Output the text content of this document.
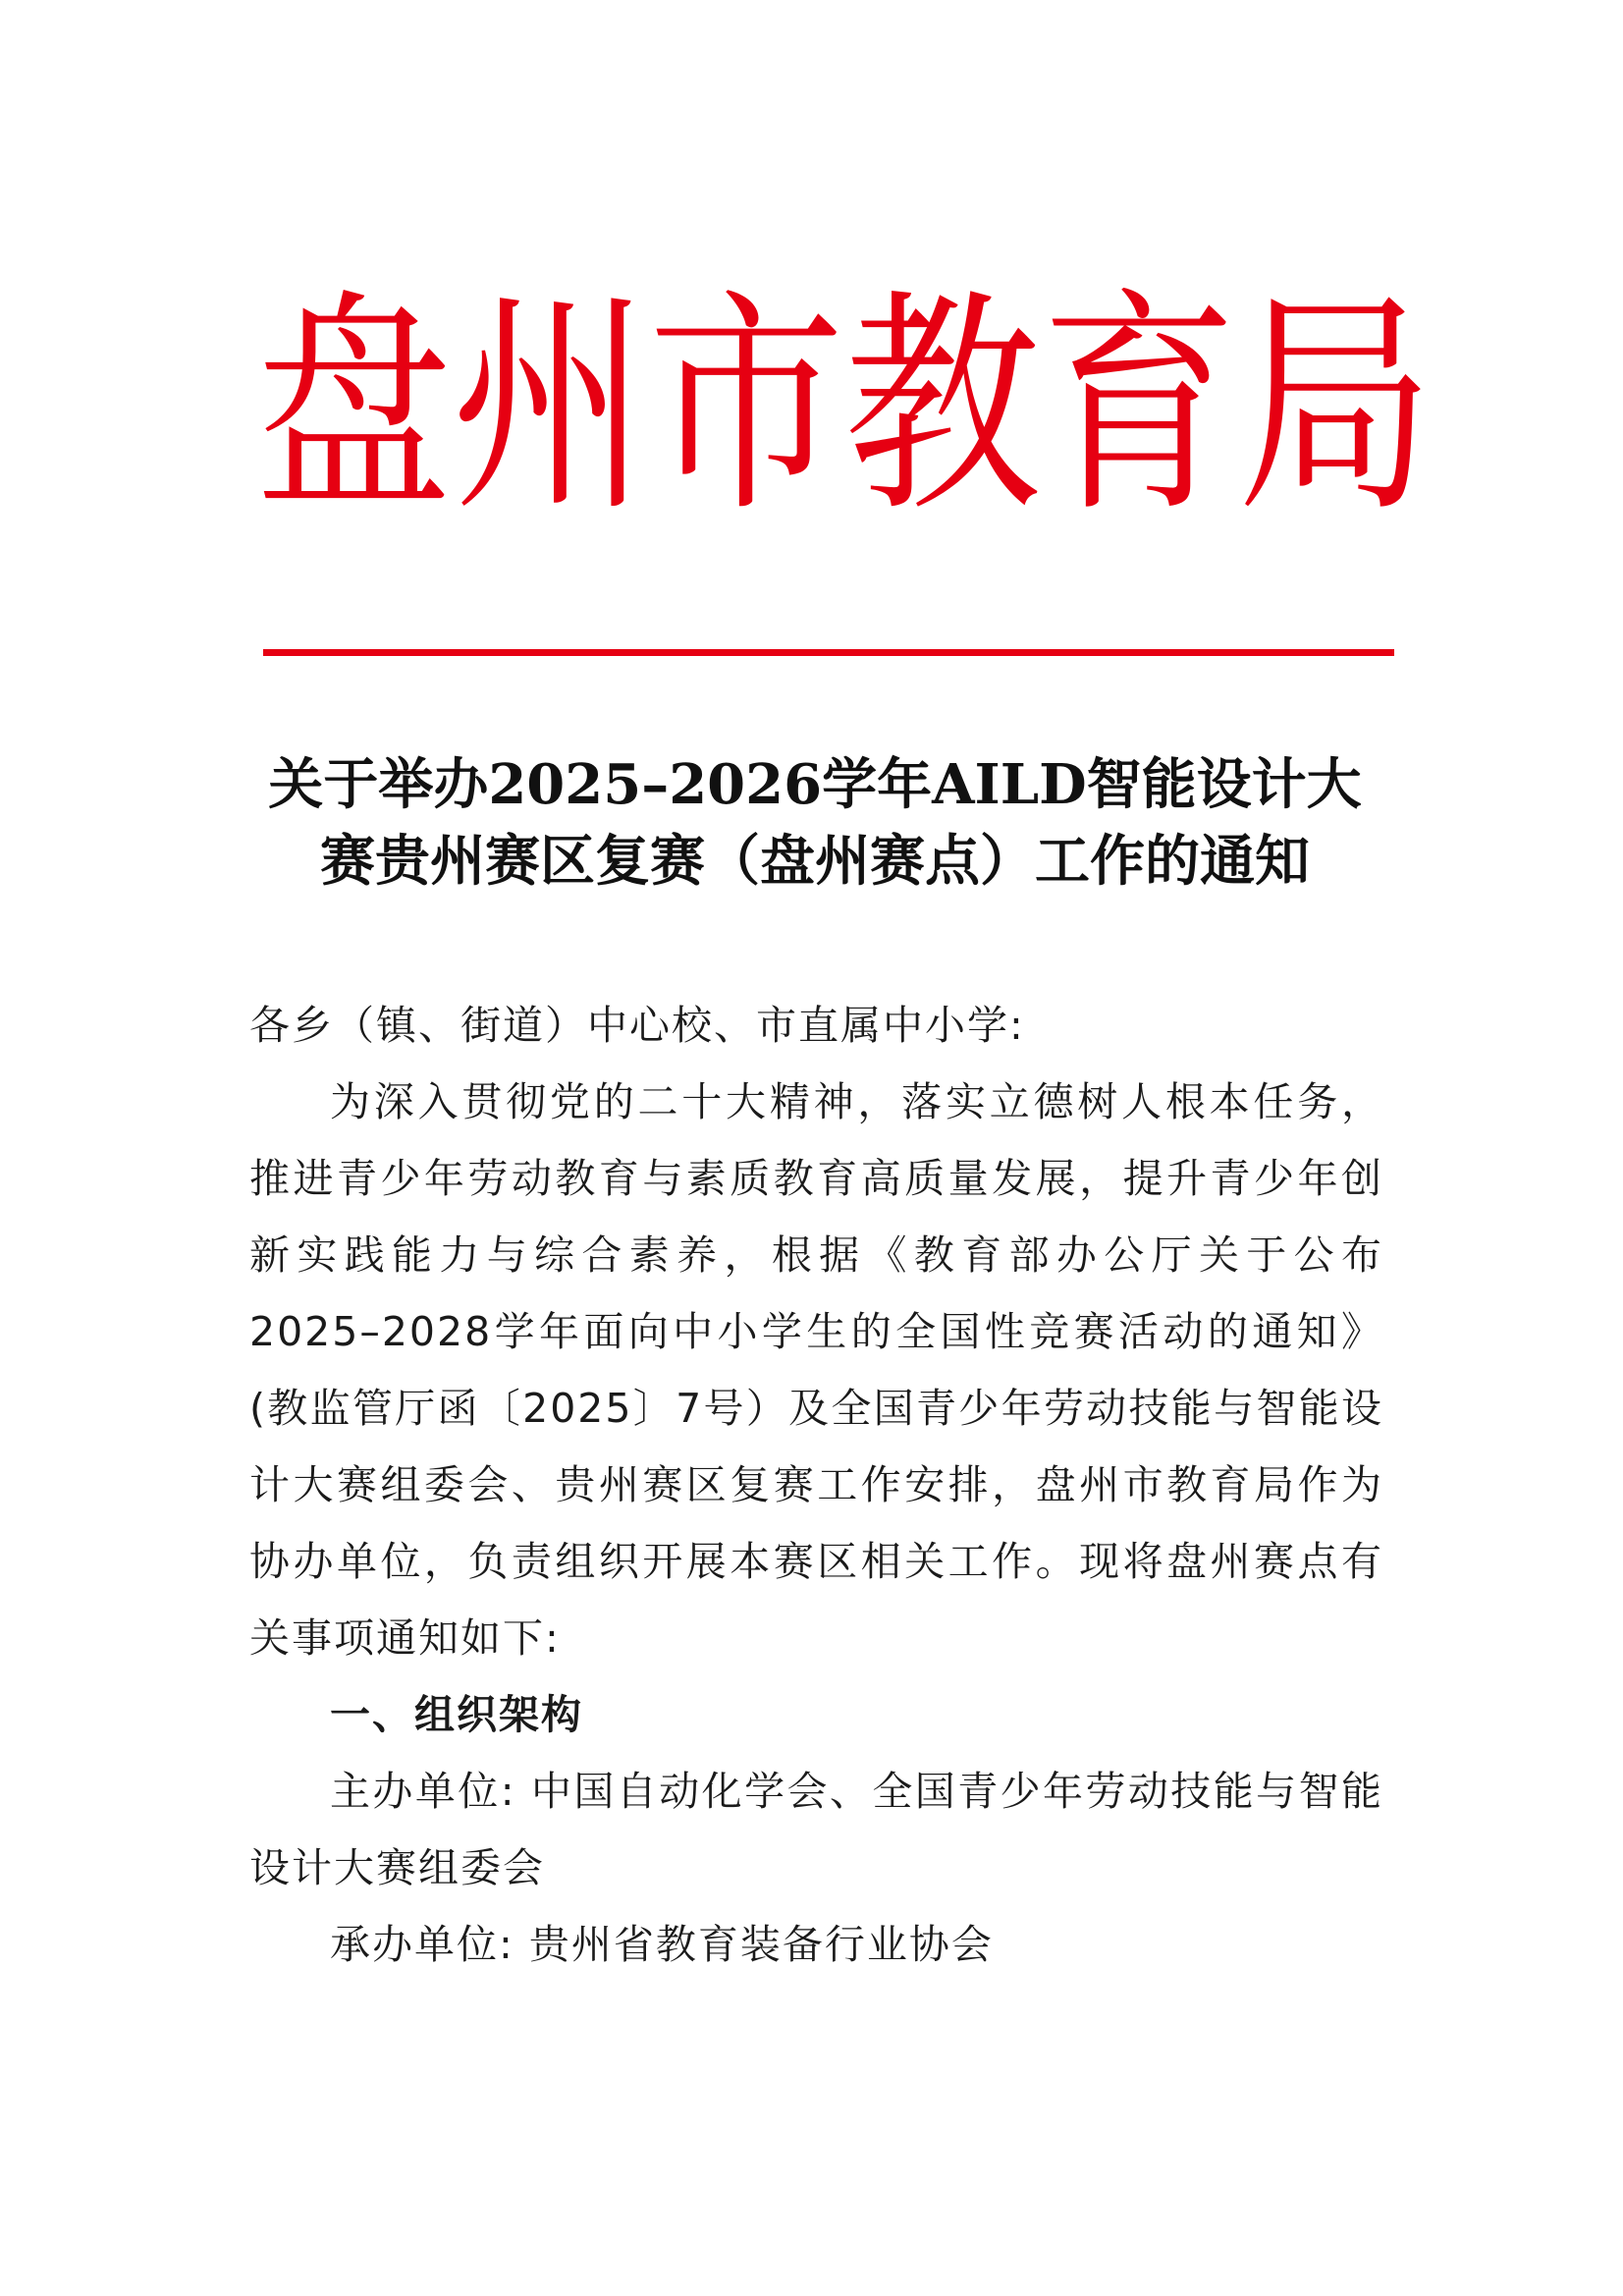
盘 州 市 教 育 局
关于举办2025–2026学年AILD智能设计大
赛贵州赛区复赛（盘州赛点）工作的通知

各乡（镇、街道）中心校、市直属中小学:

为深入贯彻党的二十大精神，落实立德树人根本任务，推进青少年劳动教育与素质教育高质量发展，提升青少年创新实践能力与综合素养，根据《教育部办公厅关于公布2025–2028学年面向中小学生的全国性竞赛活动的通知》(教监管厅函〔2025〕7号）及全国青少年劳动技能与智能设计大赛组委会、贵州赛区复赛工作安排，盘州市教育局作为协办单位，负责组织开展本赛区相关工作。现将盘州赛点有关事项通知如下:

一、组织架构

主办单位: 中国自动化学会、全国青少年劳动技能与智能设计大赛组委会

承办单位: 贵州省教育装备行业协会
